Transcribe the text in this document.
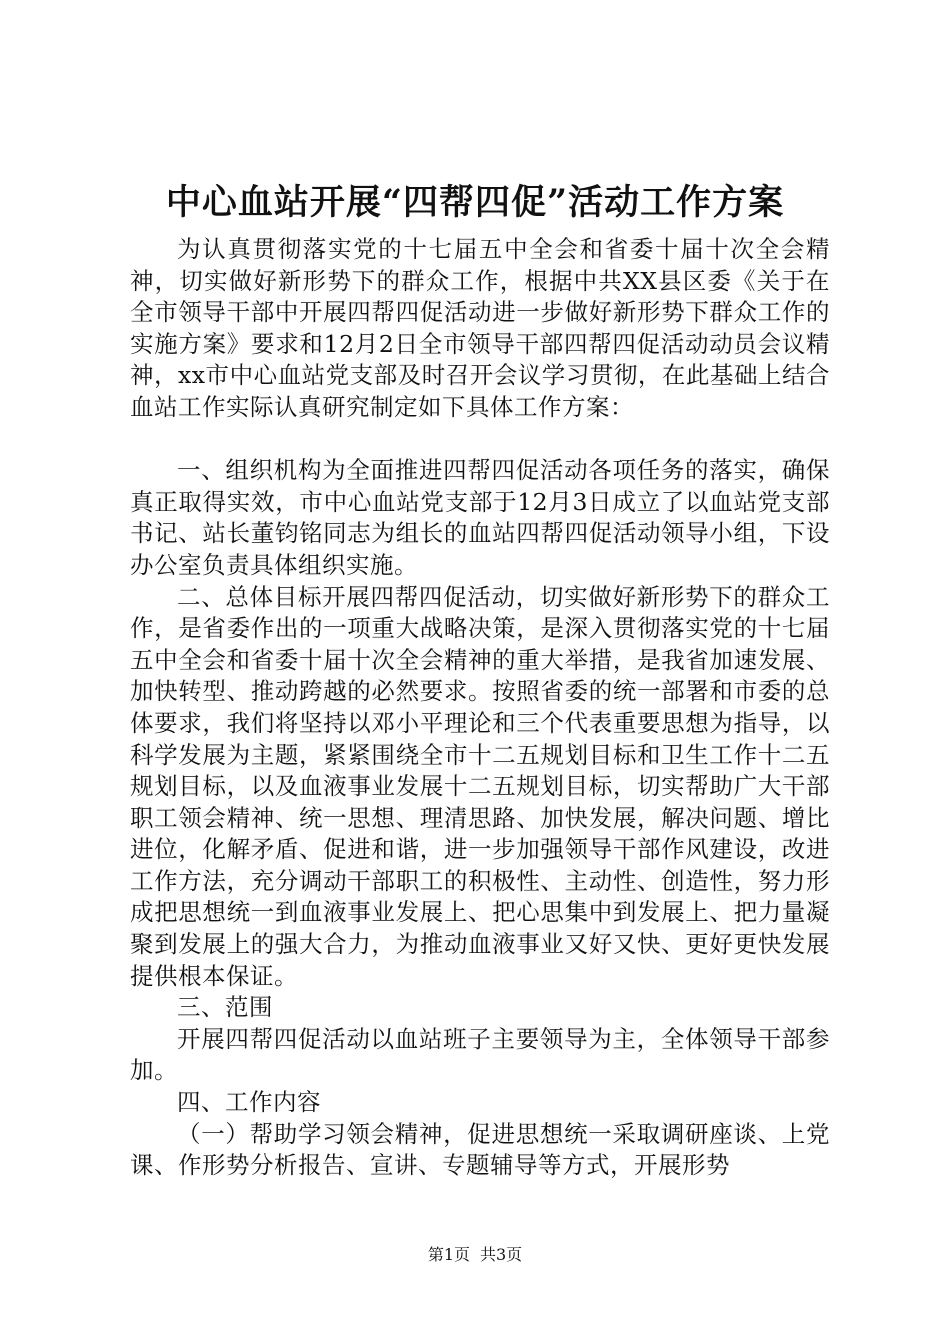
中心血站开展“四帮四促”活动工作方案

为认真贯彻落实党的十七届五中全会和省委十届十次全会精神，切实做好新形势下的群众工作，根据中共XX县区委《关于在全市领导干部中开展四帮四促活动进一步做好新形势下群众工作的实施方案》要求和12月2日全市领导干部四帮四促活动动员会议精神，xx市中心血站党支部及时召开会议学习贯彻，在此基础上结合血站工作实际认真研究制定如下具体工作方案：

一、组织机构为全面推进四帮四促活动各项任务的落实，确保真正取得实效，市中心血站党支部于12月3日成立了以血站党支部书记、站长董钧铭同志为组长的血站四帮四促活动领导小组，下设办公室负责具体组织实施。

二、总体目标开展四帮四促活动，切实做好新形势下的群众工作，是省委作出的一项重大战略决策，是深入贯彻落实党的十七届五中全会和省委十届十次全会精神的重大举措，是我省加速发展、加快转型、推动跨越的必然要求。按照省委的统一部署和市委的总体要求，我们将坚持以邓小平理论和三个代表重要思想为指导，以科学发展为主题，紧紧围绕全市十二五规划目标和卫生工作十二五规划目标，以及血液事业发展十二五规划目标，切实帮助广大干部职工领会精神、统一思想、理清思路、加快发展，解决问题、增比进位，化解矛盾、促进和谐，进一步加强领导干部作风建设，改进工作方法，充分调动干部职工的积极性、主动性、创造性，努力形成把思想统一到血液事业发展上、把心思集中到发展上、把力量凝聚到发展上的强大合力，为推动血液事业又好又快、更好更快发展提供根本保证。

三、范围

开展四帮四促活动以血站班子主要领导为主，全体领导干部参加。

四、工作内容

（一）帮助学习领会精神，促进思想统一采取调研座谈、上党课、作形势分析报告、宣讲、专题辅导等方式，开展形势

第1页 共3页
